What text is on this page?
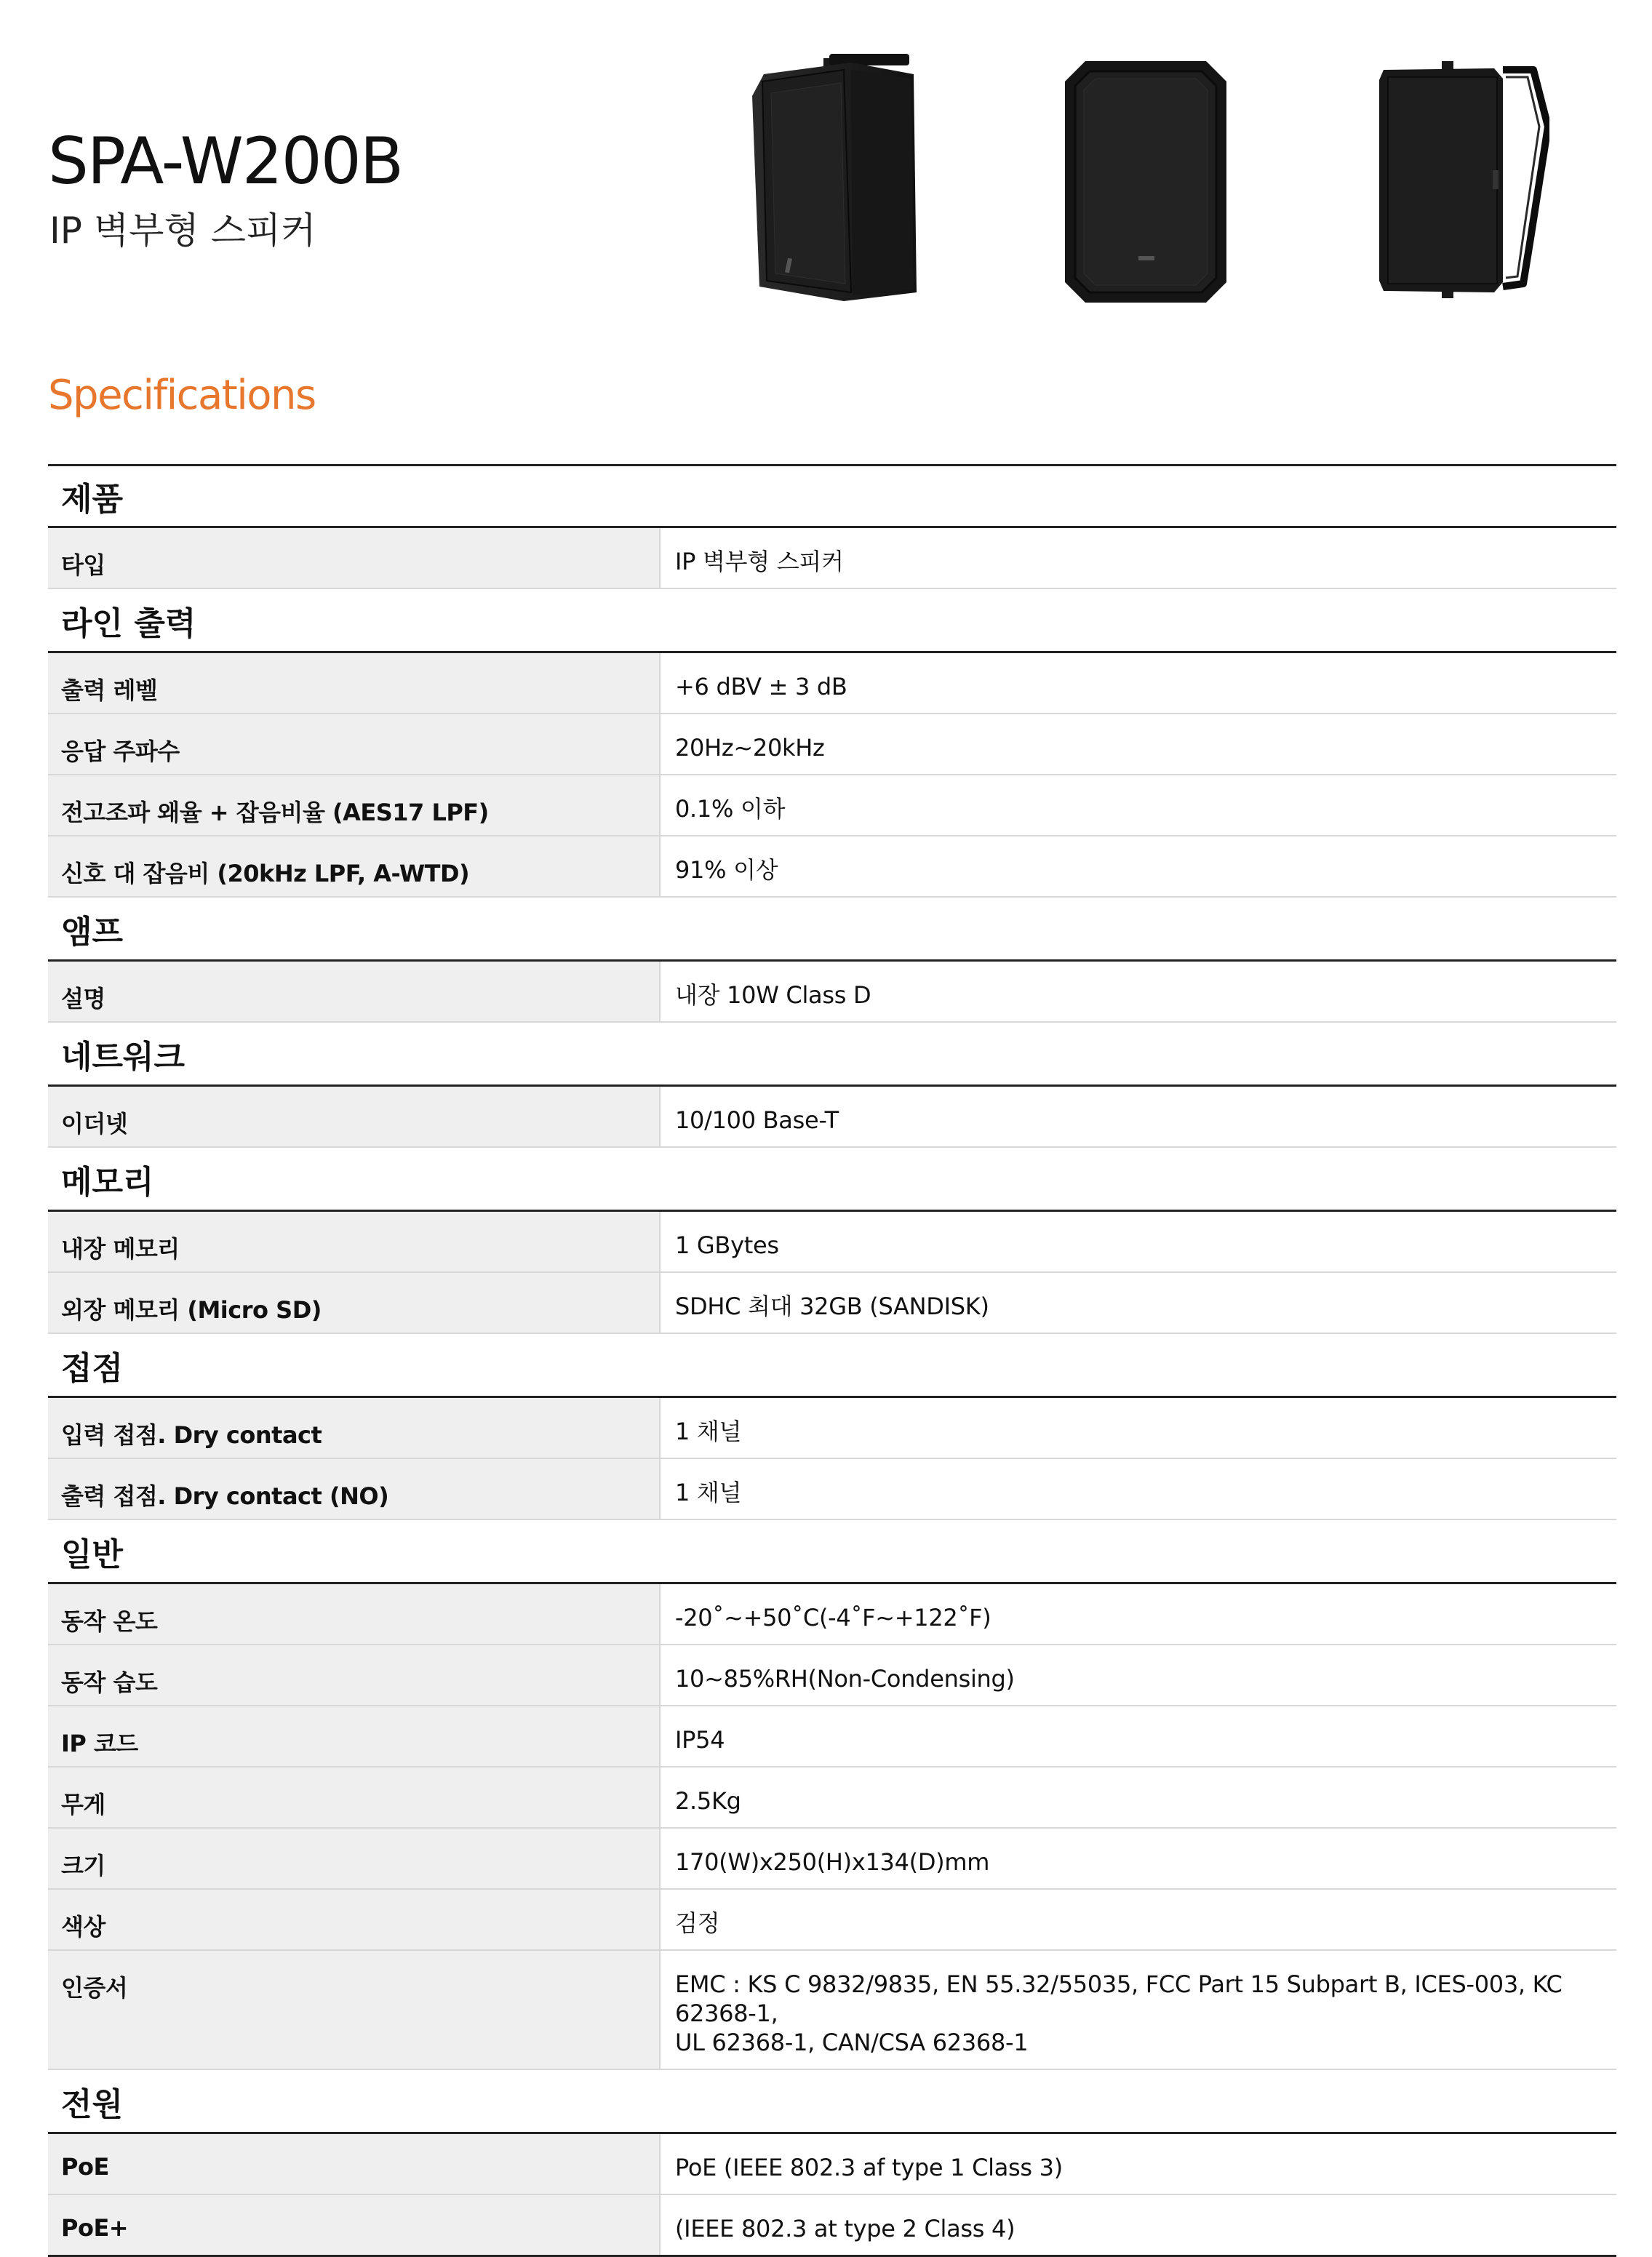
SPA-W200B
IP 벽부형 스피커
Specifications
제품
타입	IP 벽부형 스피커
라인 출력
출력 레벨	+6 dBV ± 3 dB
응답 주파수	20Hz~20kHz
전고조파 왜율 + 잡음비율 (AES17 LPF)	0.1% 이하
신호 대 잡음비 (20kHz LPF, A-WTD)	91% 이상
앰프
설명	내장 10W Class D
네트워크
이더넷	10/100 Base-T
메모리
내장 메모리	1 GBytes
외장 메모리 (Micro SD)	SDHC 최대 32GB (SANDISK)
접점
입력 접점. Dry contact	1 채널
출력 접점. Dry contact (NO)	1 채널
일반
동작 온도	-20˚~+50˚C(-4˚F~+122˚F)
동작 습도	10~85%RH(Non-Condensing)
IP 코드	IP54
무게	2.5Kg
크기	170(W)x250(H)x134(D)mm
색상	검정
인증서	EMC : KS C 9832/9835, EN 55.32/55035, FCC Part 15 Subpart B, ICES-003, KC 62368-1,
UL 62368-1, CAN/CSA 62368-1
전원
PoE	PoE (IEEE 802.3 af type 1 Class 3)
PoE+	(IEEE 802.3 at type 2 Class 4)
